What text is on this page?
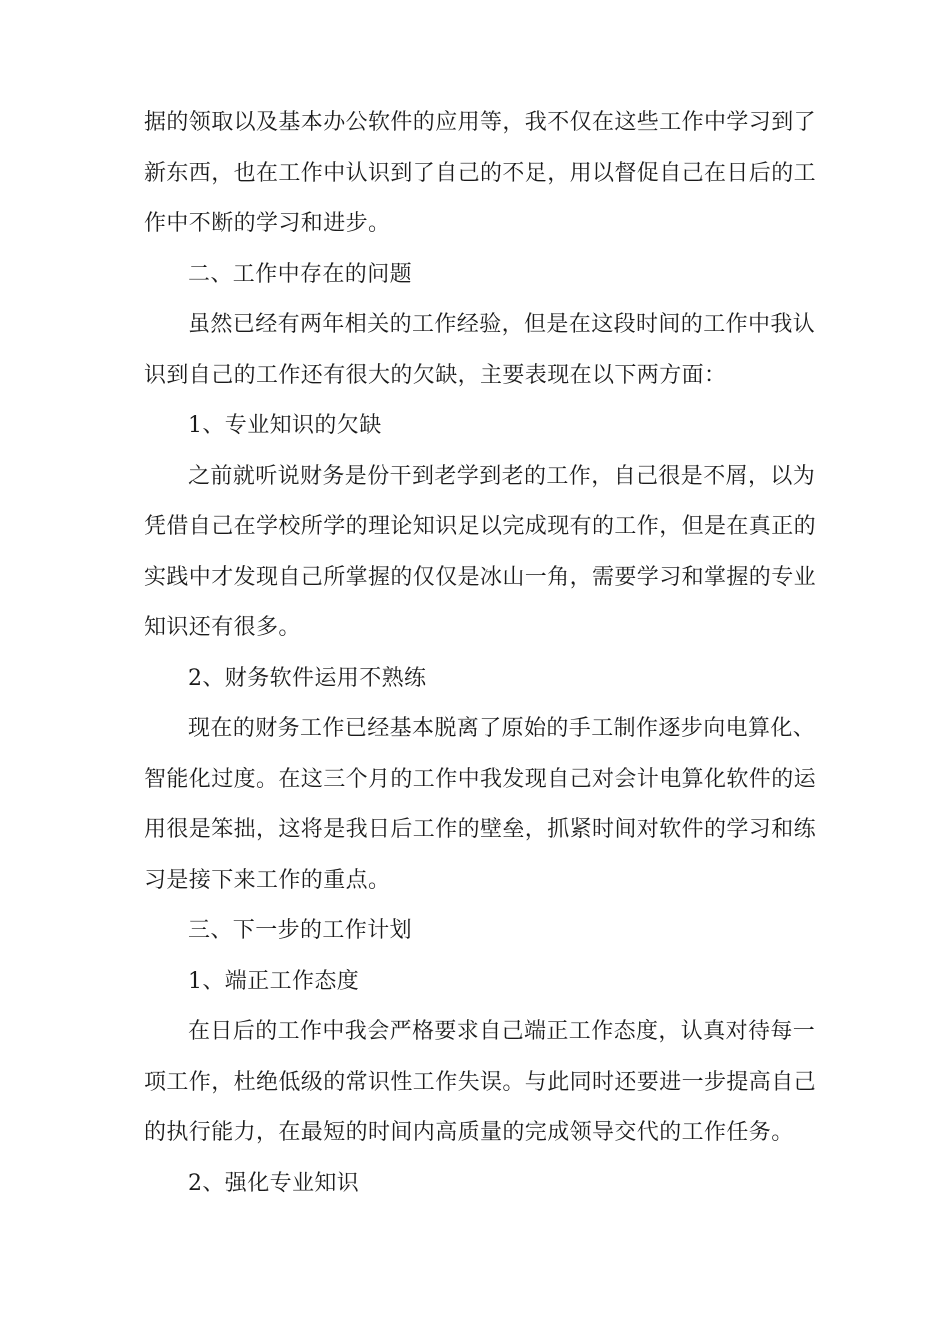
据的领取以及基本办公软件的应用等，我不仅在这些工作中学习到了
新东西，也在工作中认识到了自己的不足，用以督促自己在日后的工
作中不断的学习和进步。
二、工作中存在的问题
虽然已经有两年相关的工作经验，但是在这段时间的工作中我认
识到自己的工作还有很大的欠缺，主要表现在以下两方面：
1、专业知识的欠缺
之前就听说财务是份干到老学到老的工作，自己很是不屑，以为
凭借自己在学校所学的理论知识足以完成现有的工作，但是在真正的
实践中才发现自己所掌握的仅仅是冰山一角，需要学习和掌握的专业
知识还有很多。
2、财务软件运用不熟练
现在的财务工作已经基本脱离了原始的手工制作逐步向电算化、
智能化过度。在这三个月的工作中我发现自己对会计电算化软件的运
用很是笨拙，这将是我日后工作的壁垒，抓紧时间对软件的学习和练
习是接下来工作的重点。
三、下一步的工作计划
1、端正工作态度
在日后的工作中我会严格要求自己端正工作态度，认真对待每一
项工作，杜绝低级的常识性工作失误。与此同时还要进一步提高自己
的执行能力，在最短的时间内高质量的完成领导交代的工作任务。
2、强化专业知识
